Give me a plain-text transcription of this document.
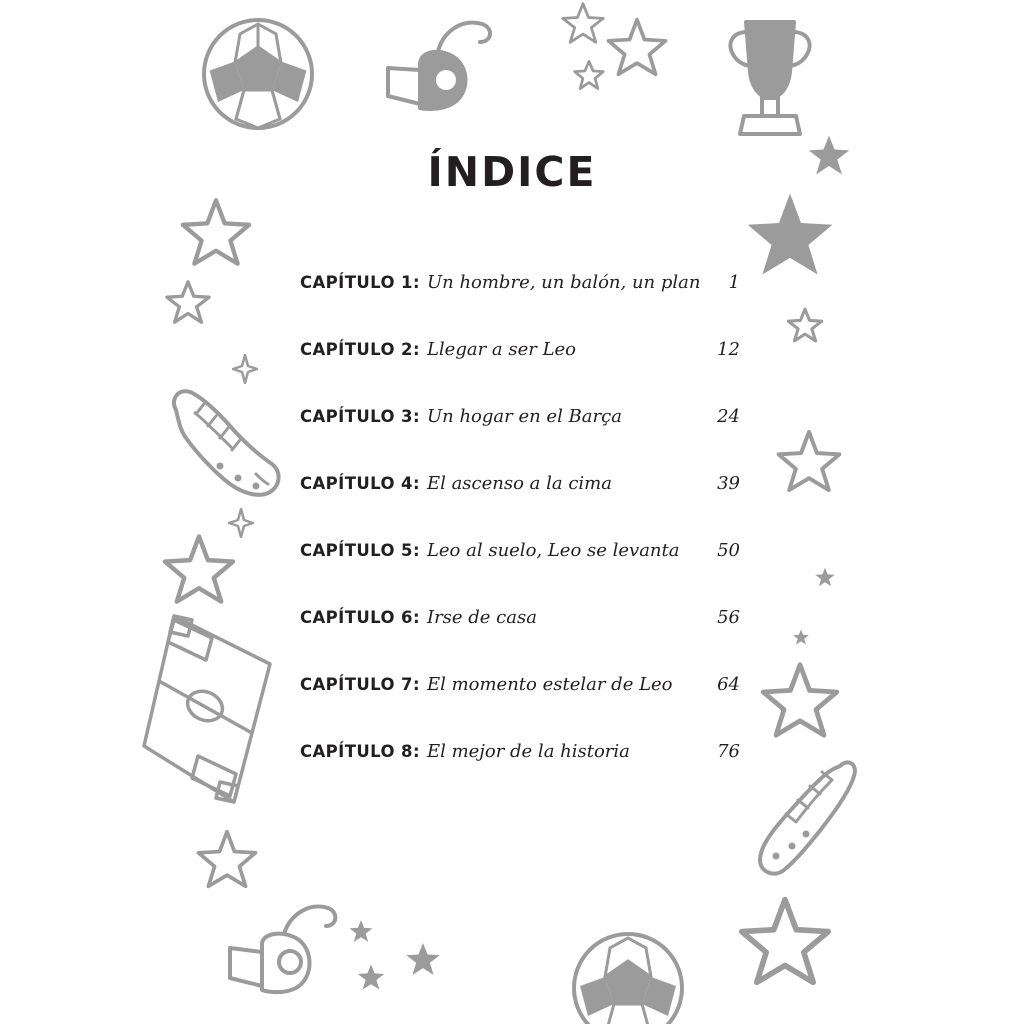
ÍNDICE
CAPÍTULO 1: Un hombre, un balón, un plan	1
CAPÍTULO 2: Llegar a ser Leo	12
CAPÍTULO 3: Un hogar en el Barça	24
CAPÍTULO 4: El ascenso a la cima	39
CAPÍTULO 5: Leo al suelo, Leo se levanta	50
CAPÍTULO 6: Irse de casa	56
CAPÍTULO 7: El momento estelar de Leo	64
CAPÍTULO 8: El mejor de la historia	76
